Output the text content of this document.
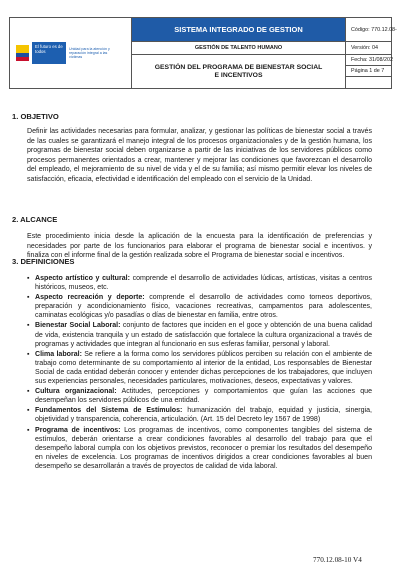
El futuro es de todos
Unidad para la atención y reparación integral a las víctimas
SISTEMA INTEGRADO DE GESTION
GESTIÓN DE TALENTO HUMANO
GESTIÓN DEL PROGRAMA DE BIENESTAR SOCIAL E INCENTIVOS
Código: 770.12.08-
Versión: 04
Fecha: 31/08/202
Página 1 de 7
1. OBJETIVO
Definir las actividades necesarias para formular, analizar, y gestionar las políticas de bienestar social a través de las cuales se garantizará el manejo integral de los procesos organizacionales y de la gestión humana, los programas de bienestar social deben organizarse a partir de las iniciativas de los servidores públicos como procesos permanentes orientados a crear, mantener y mejorar las condiciones que favorezcan el desarrollo del empleado, el mejoramiento de su nivel de vida y el de su familia; así mismo permitir elevar los niveles de satisfacción, eficacia, efectividad e identificación del empleado con el servicio de la Unidad.
2. ALCANCE
Este procedimiento inicia desde la aplicación de la encuesta para la identificación de preferencias y necesidades por parte de los funcionarios para elaborar el programa de bienestar social e incentivos. y finaliza con el informe final de la gestión realizada sobre el Programa de bienestar social e incentivos.
3. DEFINICIONES
▪ Aspecto artístico y cultural: comprende el desarrollo de actividades lúdicas, artísticas, visitas a centros históricos, museos, etc.
▪ Aspecto recreación y deporte: comprende el desarrollo de actividades como torneos deportivos, preparación y acondicionamiento físico, vacaciones recreativas, campamentos para adolescentes, caminatas ecológicas y/o pasadías o días de bienestar en familia, entre otros.
▪ Bienestar Social Laboral: conjunto de factores que inciden en el goce y obtención de una buena calidad de vida, existencia tranquila y un estado de satisfacción que fortalece la cultura organizacional a través de programas y actividades que integran al funcionario en sus esferas familiar, personal y laboral.
▪ Clima laboral: Se refiere a la forma como los servidores públicos perciben su relación con el ambiente de trabajo como determinante de su comportamiento al interior de la entidad, Los responsables de Bienestar Social de cada entidad deberán conocer y entender dichas percepciones de los trabajadores, que incluyen sus experiencias personales, necesidades particulares, motivaciones, deseos, expectativas y valores.
▪ Cultura organizacional: Actitudes, percepciones y comportamientos que guían las acciones que desempeñan los servidores públicos de una entidad.
▪ Fundamentos del Sistema de Estímulos: humanización del trabajo, equidad y justicia, sinergia, objetividad y transparencia, coherencia, articulación. (Art. 15 del Decreto ley 1567 de 1998)
▪ Programa de incentivos: Los programas de incentivos, como componentes tangibles del sistema de estímulos, deberán orientarse a crear condiciones favorables al desarrollo del trabajo para que el desempeño laboral cumpla con los objetivos previstos, reconocer o premiar los resultados del desempeño en niveles de excelencia. Los programas de incentivos dirigidos a crear condiciones favorables al buen desempeño se desarrollarán a través de proyectos de calidad de vida laboral.
770.12.08-10 V4
